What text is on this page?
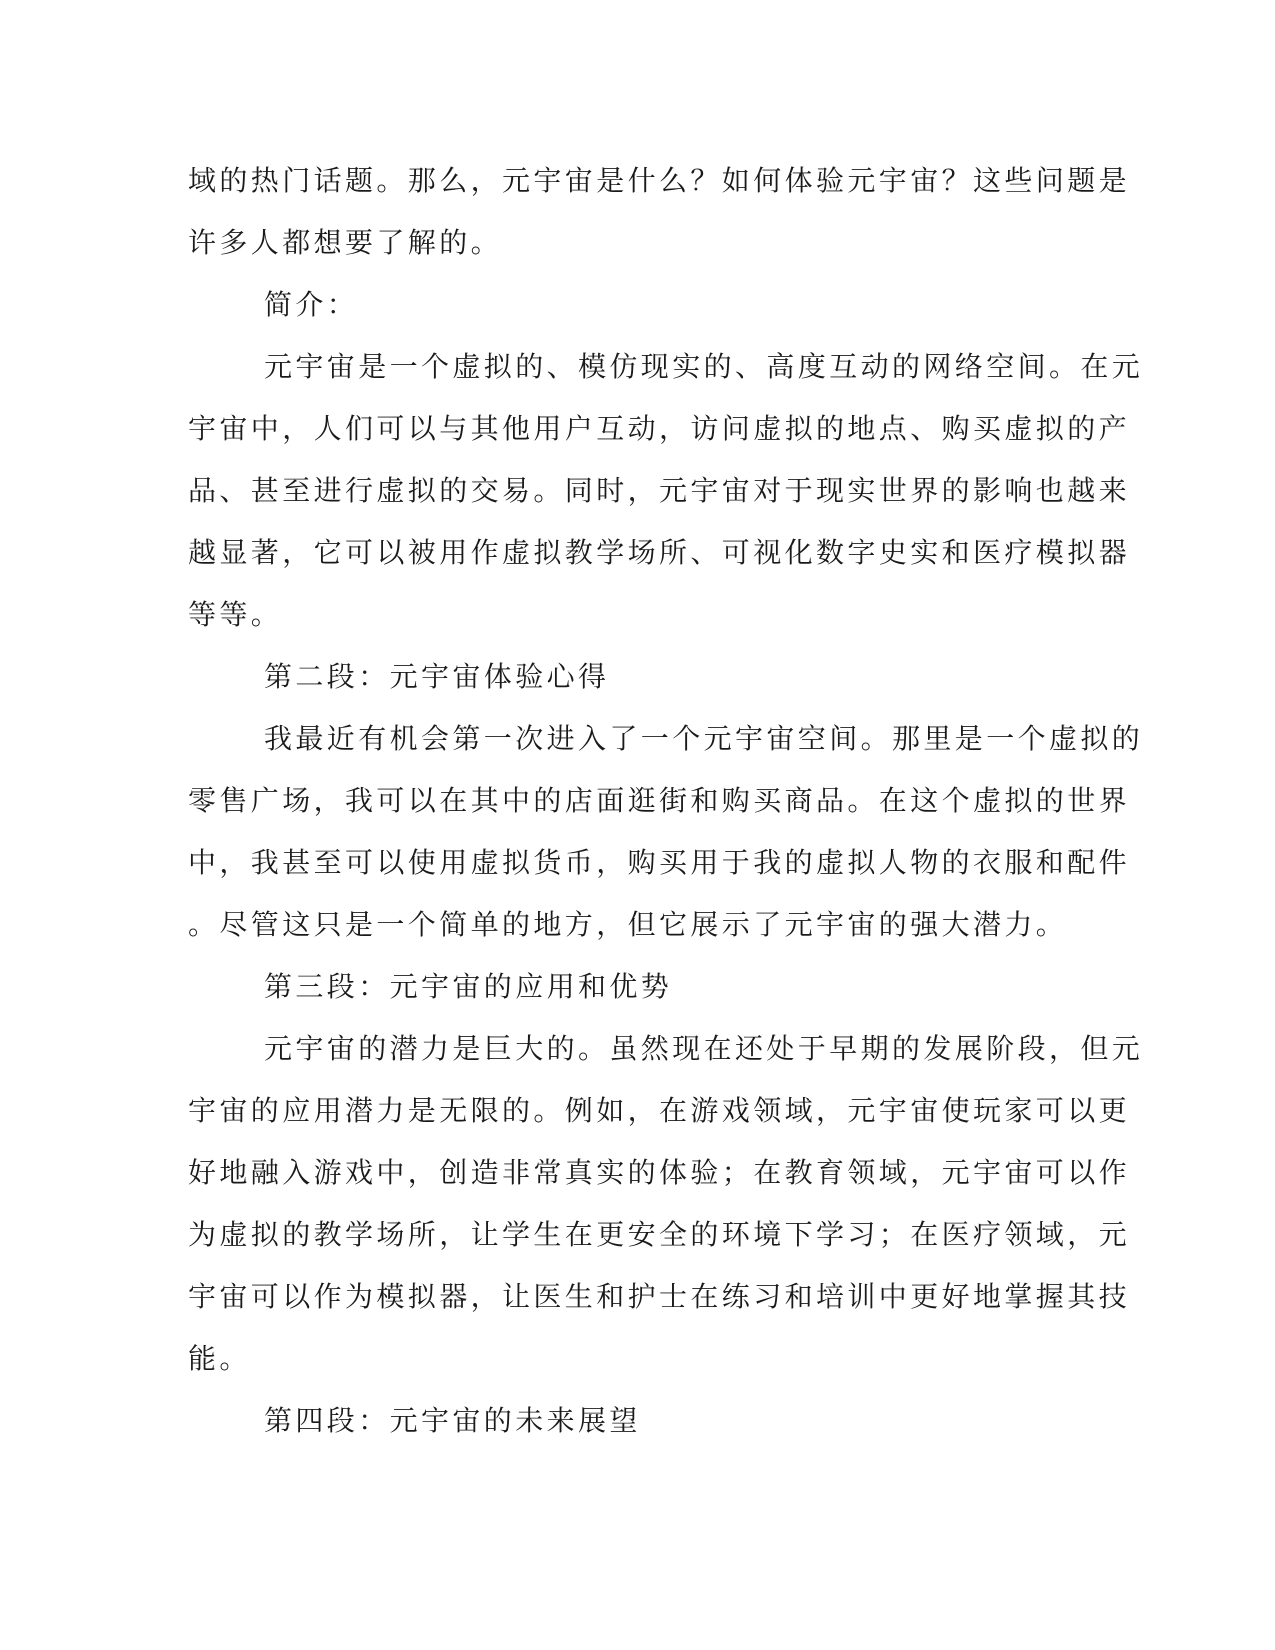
域的热门话题。那么，元宇宙是什么？如何体验元宇宙？这些问题是
许多人都想要了解的。
简介：
元宇宙是一个虚拟的、模仿现实的、高度互动的网络空间。在元
宇宙中，人们可以与其他用户互动，访问虚拟的地点、购买虚拟的产
品、甚至进行虚拟的交易。同时，元宇宙对于现实世界的影响也越来
越显著，它可以被用作虚拟教学场所、可视化数字史实和医疗模拟器
等等。
第二段：元宇宙体验心得
我最近有机会第一次进入了一个元宇宙空间。那里是一个虚拟的
零售广场，我可以在其中的店面逛街和购买商品。在这个虚拟的世界
中，我甚至可以使用虚拟货币，购买用于我的虚拟人物的衣服和配件
。尽管这只是一个简单的地方，但它展示了元宇宙的强大潜力。
第三段：元宇宙的应用和优势
元宇宙的潜力是巨大的。虽然现在还处于早期的发展阶段，但元
宇宙的应用潜力是无限的。例如，在游戏领域，元宇宙使玩家可以更
好地融入游戏中，创造非常真实的体验；在教育领域，元宇宙可以作
为虚拟的教学场所，让学生在更安全的环境下学习；在医疗领域，元
宇宙可以作为模拟器，让医生和护士在练习和培训中更好地掌握其技
能。
第四段：元宇宙的未来展望
